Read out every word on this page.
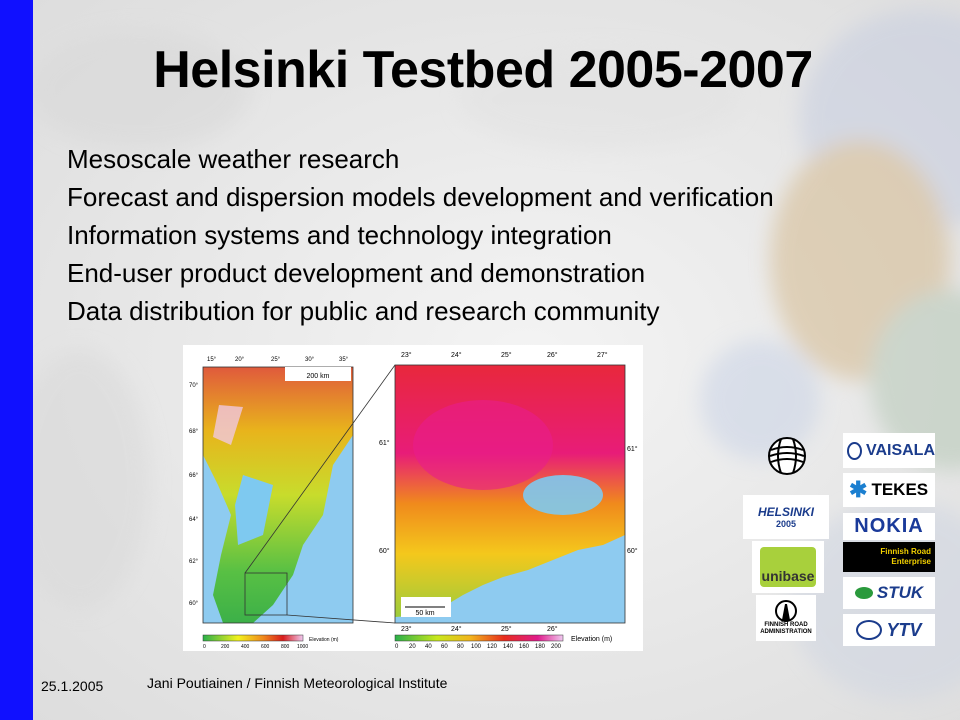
Helsinki Testbed 2005-2007
Mesoscale weather research
Forecast and dispersion models development and verification
Information systems and technology integration
End-user product development and demonstration
Data distribution for public and research community
200 km
15°	20°	25°	30°	35°
70°
68°
66°
64°
62°
60°
0	200 400 600 800 1000
Elevation (m)
50 km
23°	24°	25°	26°	27°
61°
61°
60°	60°
23°	24°	25°	26°
0 20 40 60 80 100 120 140 160 180 200
Elevation (m)
VAISALA
✱ TEKES
HELSINKI
2005	NOKIA
Finnish Road
Enterprise
unibase
STUK
FINNISH ROAD
ADMINISTRATION	YTV
25.1.2005	Jani Poutiainen / Finnish Meteorological Institute
